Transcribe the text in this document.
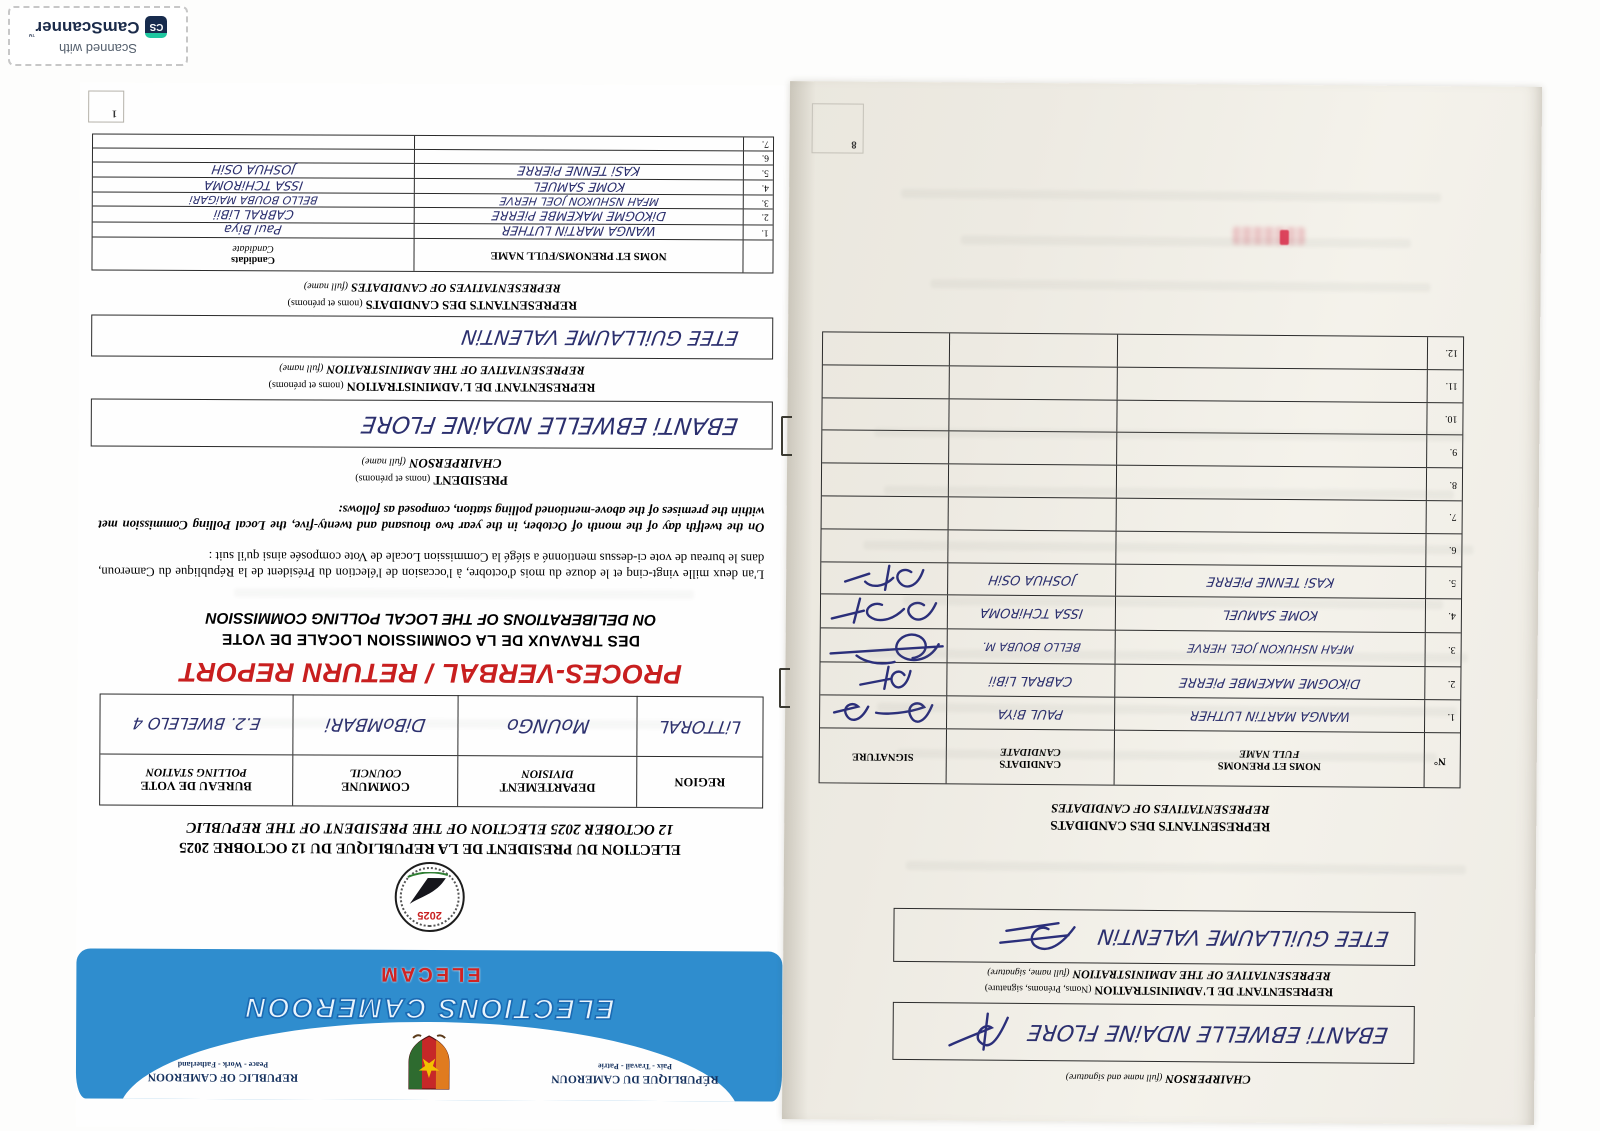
RÉPUBLIQUE DU CAMEROUN
Paix - Travail - Patrie
REPUBLIC OF CAMEROON
Peace - Work - Fatherland
ELECTIONS CAMEROON
ELECAM
2025
ELECTION DU PRESIDENT DE LA REPUBLIQUE DU 12 OCTOBRE 2025
12 OCTOBER 2025 ELECTION OF THE PRESIDENT OF THE REPUBLIC
REGION
DEPARTEMENT
DIVISION
COMMUNE
COUNCIL
BUREAU DE VOTE
POLLING STATION
LiTTORAL
MoUNGo
DiBoMBARi
E.2. BWELELO 4
PROCES-VERBAL / RETURN REPORT
DES TRAVAUX DE LA COMMISSION LOCALE DE VOTE
ON DELIBERATIONS OF THE LOCAL POLLING COMMISSION
L'an deux mille vingt-cinq et le douze du mois d'octobre, à l'occasion de l'élection du Président de la République du Cameroun, dans le bureau de vote ci-dessus mentionné a siégé la Commission Locale de Vote composée ainsi qu'il suit :
On the twelfth day of the month of October, in the year two thousand and twenty-five, the Local Polling Commission met within the premises of the above-mentioned polling station, composed as follows:
PRESIDENT (noms et prénoms)
CHAIRPERSON (full name)
EBANTi EBWELLE NDAiNE FLORE
REPRESENTANT DE L'ADMINISTRATION (noms et prénoms)
REPRESENTATIVE OF THE ADMINISTRATION (full name)
ETEE GUiLLAUME VALENTiN
REPRESENTANTS DES CANDIDATS (noms et prénoms)
REPRESENTATIVES OF CANDIDATES (full name)
NOMS ET PRENOMS/FULL NAME
Candidats
Candidate
1.
WANGA MARTiN LUTHER
Paul Biya
2.
DiKOGME MAKEMBE PiERRE
CABRAL LiBii
3.
MFAH NSHUKON JOEL HERVE
BELLO BOUBA MAiGARi
4.
KOME SAMUEL
ISSA TCHiROMA
5.
KASi TENNE PiERRE
JOSHUA OSiH
6.
7.
1
CHAIRPERSON (full name and signature)
EBANTi EBWELLE NDAiNE FLORE
REPRESENTANT DE L'ADMINISTRATION (Noms, Prénoms, signature)
REPRESENTATIVE OF THE ADMINISTRATION (full name, signature)
ETEE GUiLLAUME VALENTiN
REPRESENTANTS DES CANDIDATS
REPRESENTATIVES OF CANDIDATES
N°
NOMS ET PRENOMS
FULL NAME
CANDIDATS
CANDIDATE
SIGNATURE
1.
WANGA MARTiN LUTHER
PAUL BiYA
2.
DiKOGME MAKEMBE PiERRE
CABRAL LiBii
3.
MFAH NSHUKON JOEL HERVE
BELLO BOUBA M.
4.
KOME SAMUEL
ISSA TCHiROMA
5.
KASi TENNE PiERRE
JOSHUA OSiH
6.
7.
8.
9.
10.
11.
12.
8
Scanned with
CS
CamScanner™
